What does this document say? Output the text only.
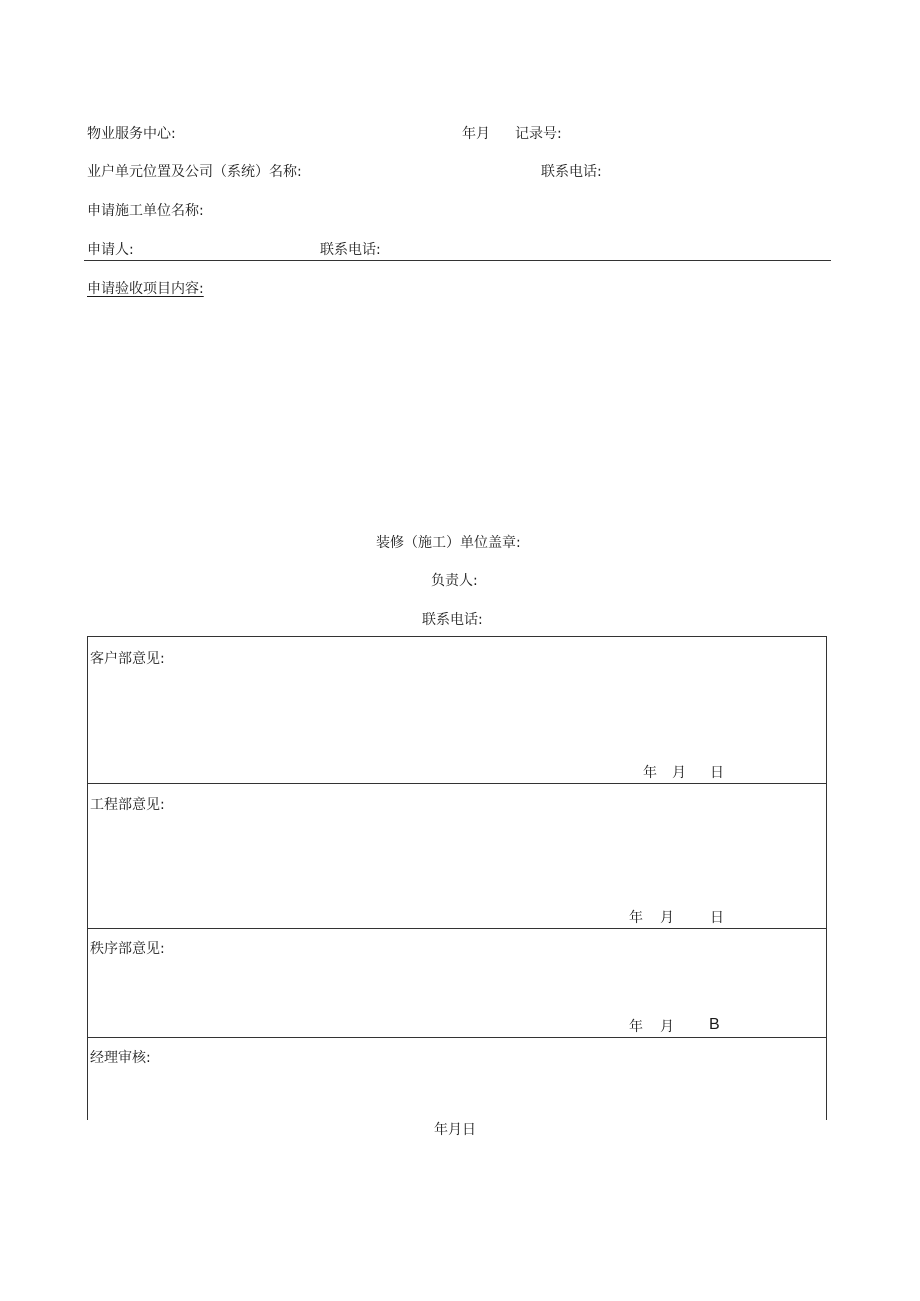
物业服务中心:	年月 记录号:
业户单元位置及公司（系统）名称:	联系电话:
申请施工单位名称:
申请人:	联系电话:
申请验收项目内容:
装修（施工）单位盖章:
负责人:
联系电话:
客户部意见:
年 月 日
工程部意见:
年 月	日
秩序部意见:
年 月 B
经理审核:
年月日
